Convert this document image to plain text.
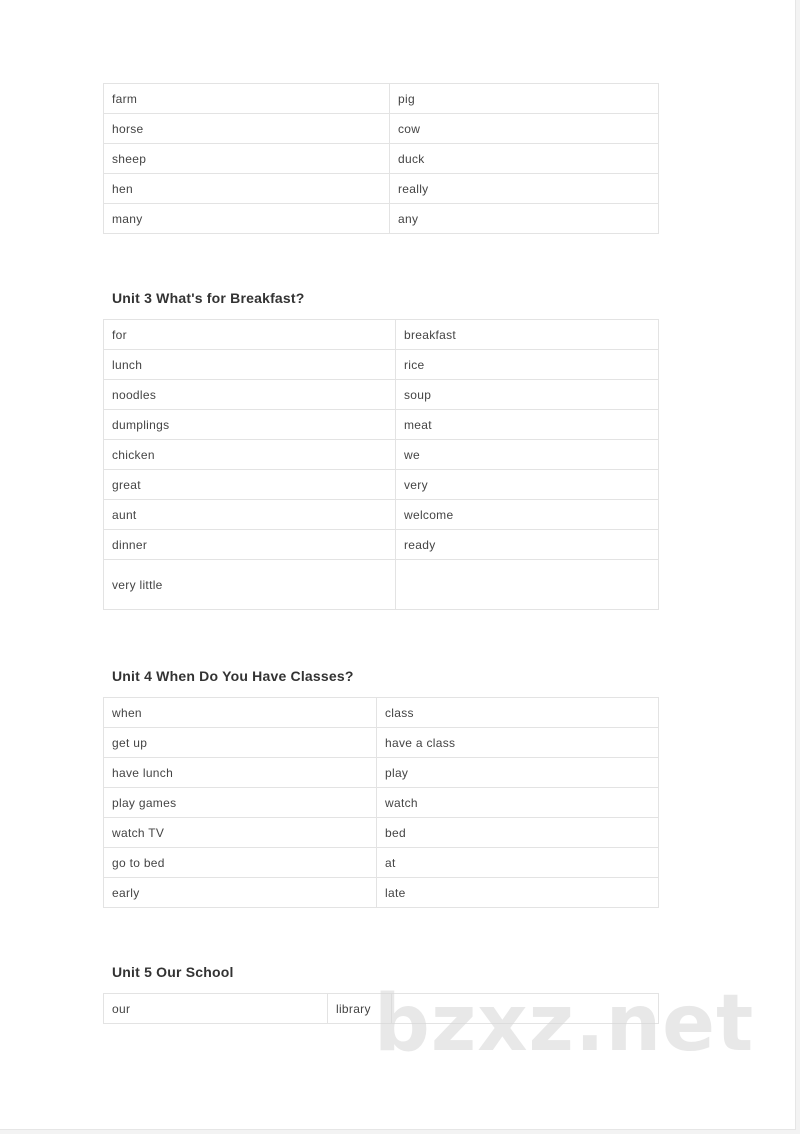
farm	pig
horse	cow
sheep	duck
hen	really
many	any
Unit 3 What's for Breakfast?
for	breakfast
lunch	rice
noodles	soup
dumplings	meat
chicken	we
great	very
aunt	welcome
dinner	ready
very little	
Unit 4 When Do You Have Classes?
when	class
get up	have a class
have lunch	play
play games	watch
watch TV	bed
go to bed	at
early	late
Unit 5 Our School
our	library	bzxz.net
